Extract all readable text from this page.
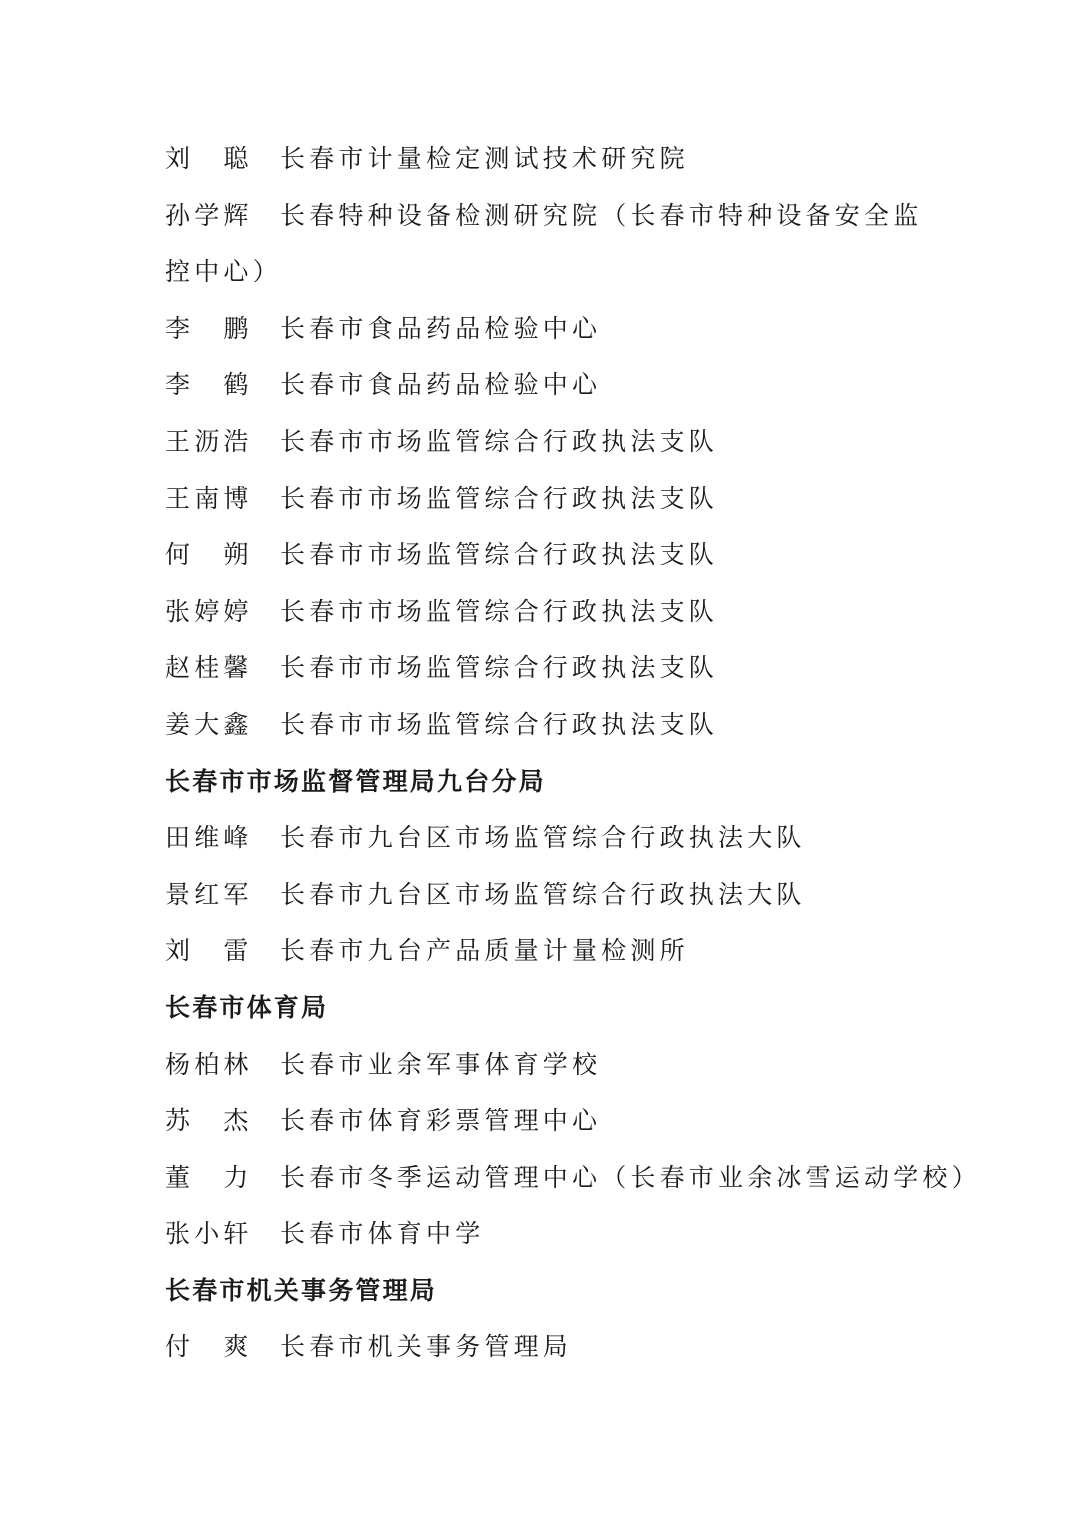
刘　聪 长春市计量检定测试技术研究院
孙学辉 长春特种设备检测研究院（长春市特种设备安全监控中心）
李　鹏 长春市食品药品检验中心
李　鹤 长春市食品药品检验中心
王沥浩 长春市市场监管综合行政执法支队
王南博 长春市市场监管综合行政执法支队
何　朔 长春市市场监管综合行政执法支队
张婷婷 长春市市场监管综合行政执法支队
赵桂馨 长春市市场监管综合行政执法支队
姜大鑫 长春市市场监管综合行政执法支队
长春市市场监督管理局九台分局
田维峰 长春市九台区市场监管综合行政执法大队
景红军 长春市九台区市场监管综合行政执法大队
刘　雷 长春市九台产品质量计量检测所
长春市体育局
杨柏林 长春市业余军事体育学校
苏　杰 长春市体育彩票管理中心
董　力 长春市冬季运动管理中心（长春市业余冰雪运动学校）
张小轩 长春市体育中学
长春市机关事务管理局
付　爽 长春市机关事务管理局
